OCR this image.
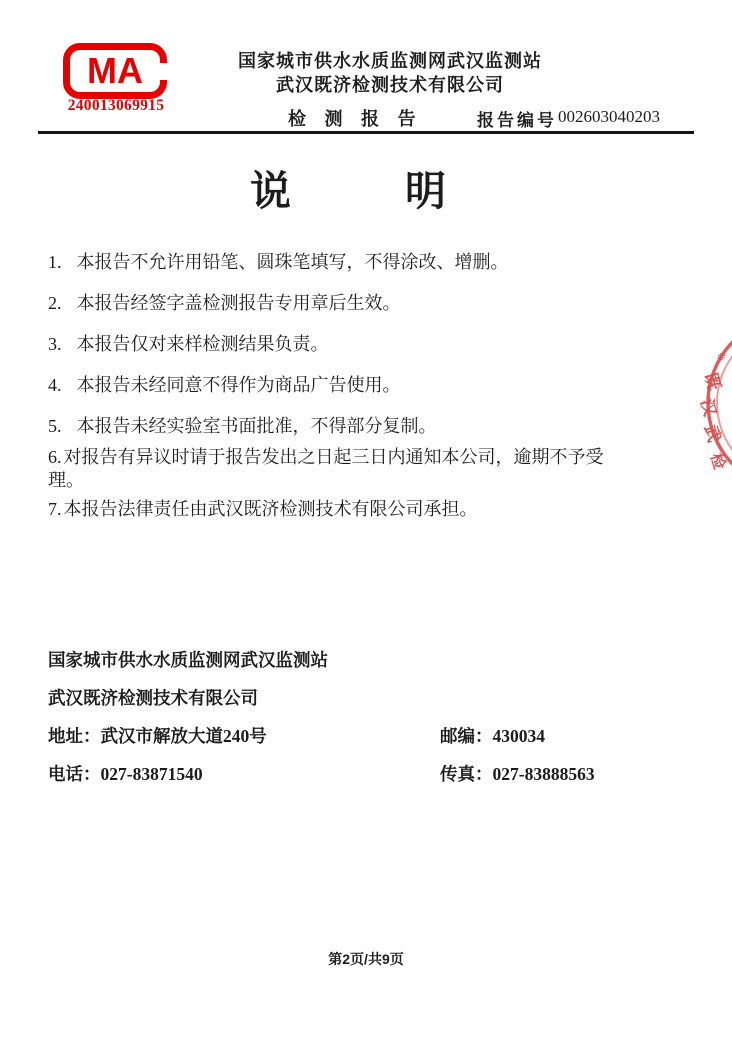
MA
240013069915
国家城市供水水质监测网武汉监测站
武汉既济检测技术有限公司
检 测 报 告	报告编号 002603040203
说	明
1. 本报告不允许用铅笔、圆珠笔填写，不得涂改、增删。
2. 本报告经签字盖检测报告专用章后生效。
3. 本报告仅对来样检测结果负责。
4. 本报告未经同意不得作为商品广告使用。
5. 本报告未经实验室书面批准，不得部分复制。
6. 对报告有异议时请于报告发出之日起三日内通知本公司，逾期不予受理。
7. 本报告法律责任由武汉既济检测技术有限公司承担。
国家城市供水水质监测网武汉监测站
武汉既济检测技术有限公司
地址：武汉市解放大道240号	邮编：430034
电话：027-83871540	传真：027-83888563
※
既
汉
武
检
第2页/共9页
